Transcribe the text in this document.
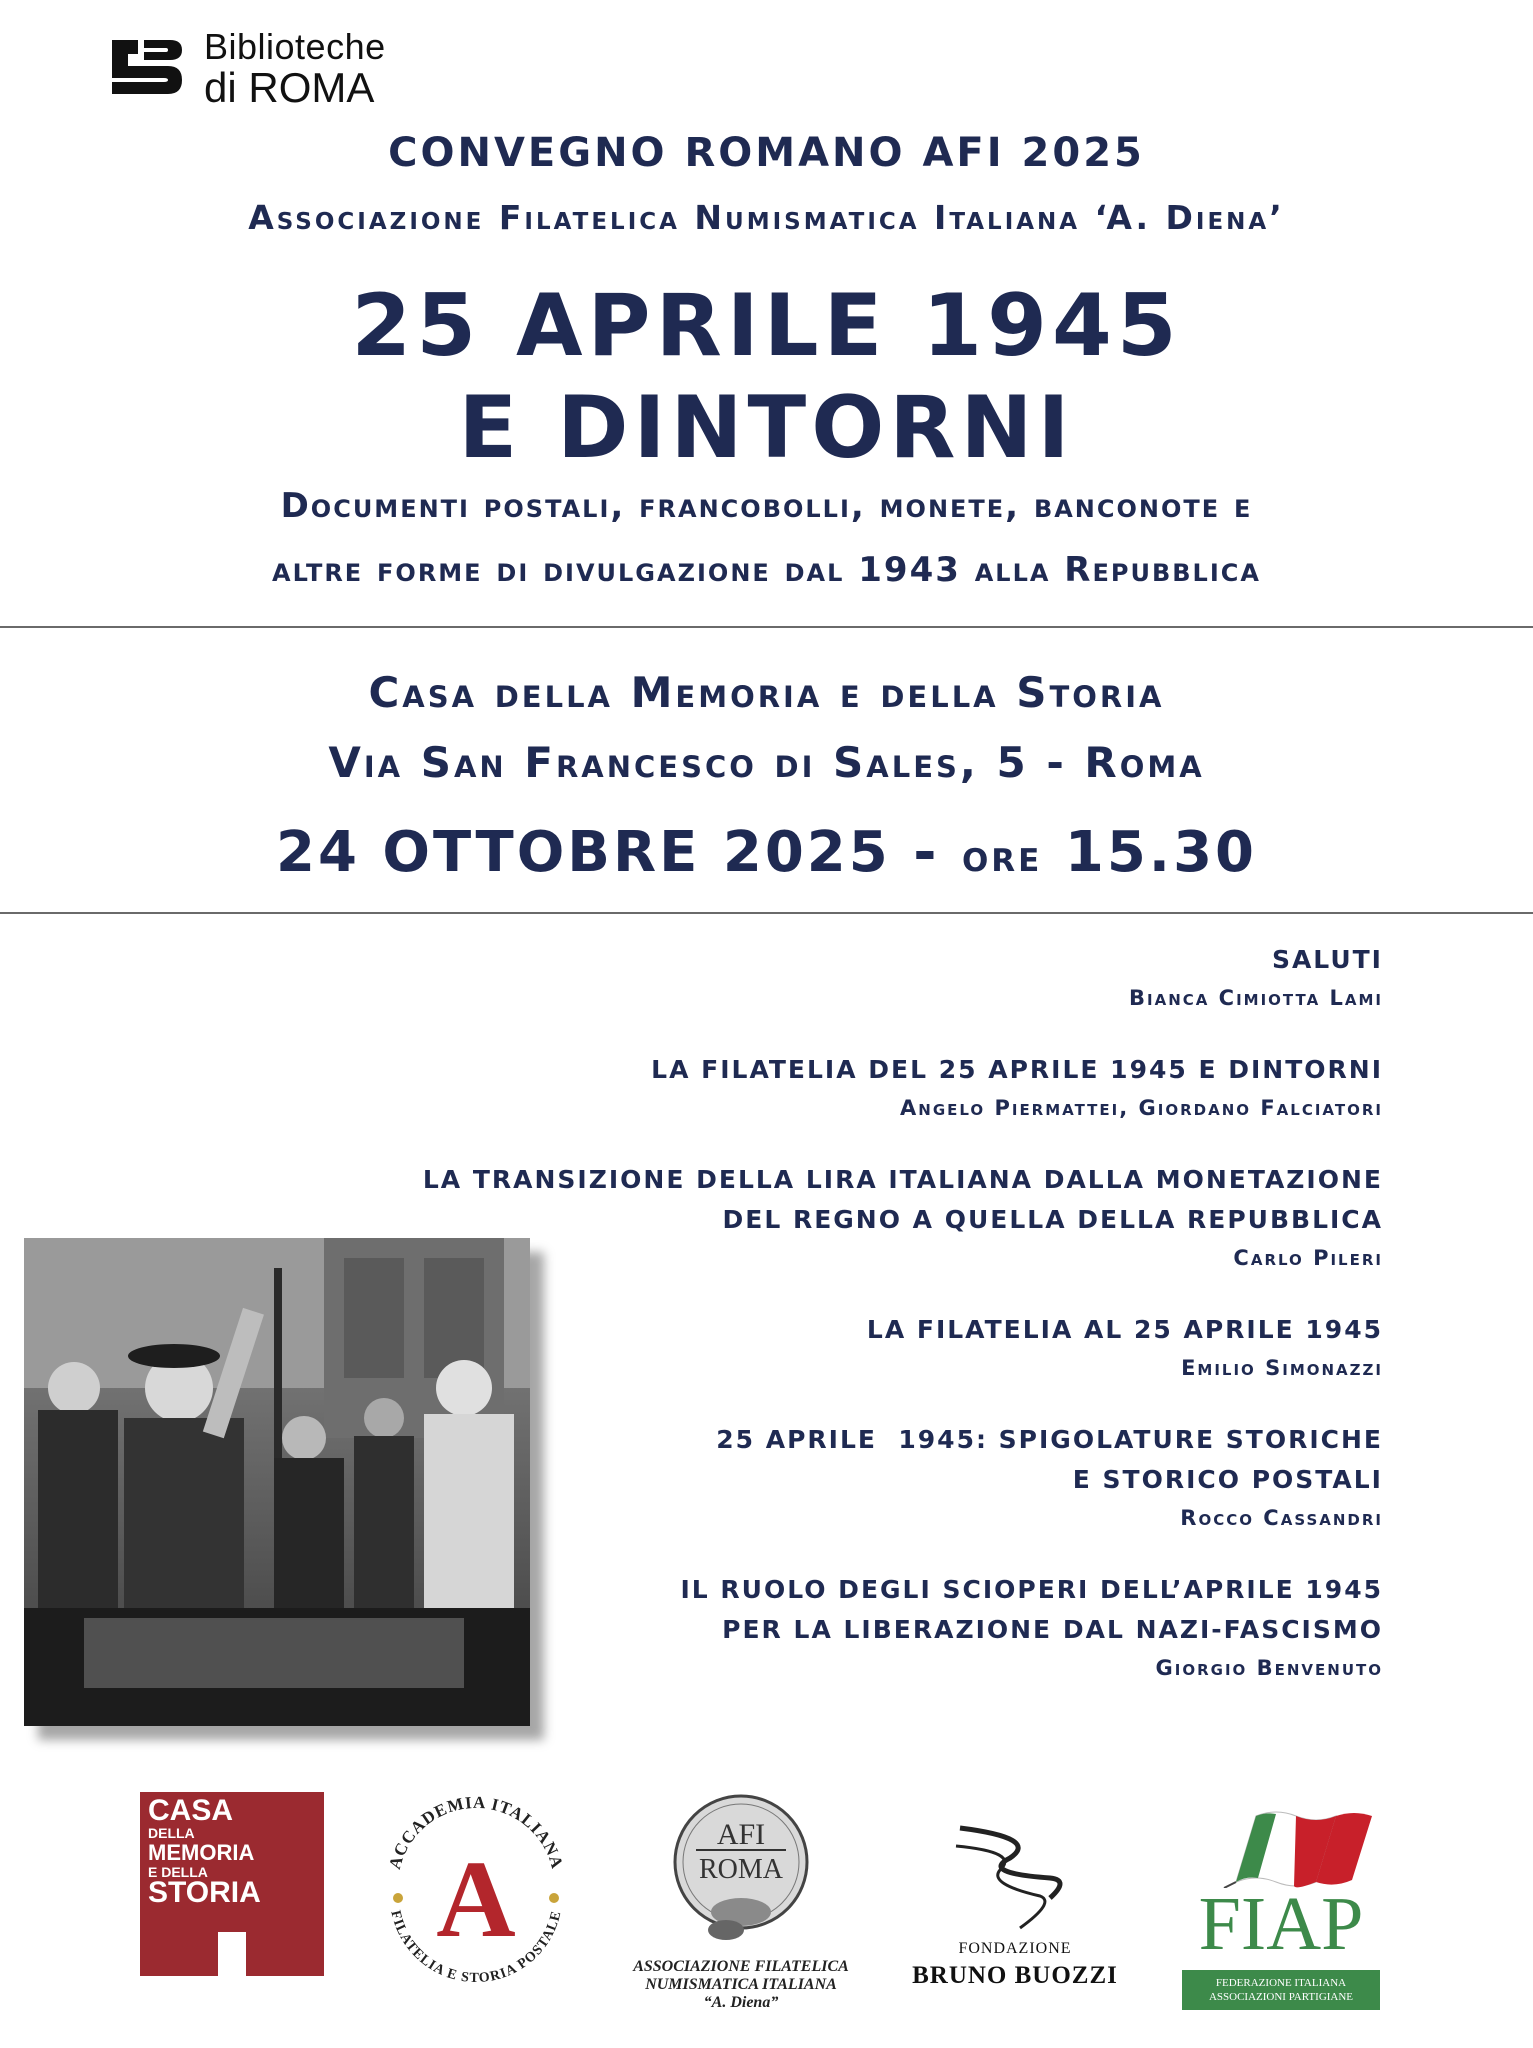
Biblioteche
di ROMA
CONVEGNO ROMANO AFI 2025
Associazione Filatelica Numismatica Italiana ‘A. Diena’
25 APRILE 1945
E DINTORNI
Documenti postali, francobolli, monete, banconote e
altre forme di divulgazione dal 1943 alla Repubblica
Casa della Memoria e della Storia
Via San Francesco di Sales, 5 - Roma
24 OTTOBRE 2025 - ore 15.30
SALUTI
Bianca Cimiotta Lami
LA FILATELIA DEL 25 APRILE 1945 E DINTORNI
Angelo Piermattei, Giordano Falciatori
LA TRANSIZIONE DELLA LIRA ITALIANA DALLA MONETAZIONE
DEL REGNO A QUELLA DELLA REPUBBLICA
Carlo Pileri
LA FILATELIA AL 25 APRILE 1945
Emilio Simonazzi
25 APRILE  1945: SPIGOLATURE STORICHE
E STORICO POSTALI
Rocco Cassandri
IL RUOLO DEGLI SCIOPERI DELL’APRILE 1945
PER LA LIBERAZIONE DAL NAZI-FASCISMO
Giorgio Benvenuto
CASA
DELLA
MEMORIA
E DELLA
STORIA
ACCADEMIA ITALIANA
FILATELIA E STORIA POSTALE
A
AFI
ROMA
ASSOCIAZIONE FILATELICA
NUMISMATICA ITALIANA
“A. Diena”
FONDAZIONE
BRUNO BUOZZI
FIAP
FEDERAZIONE ITALIANA
ASSOCIAZIONI PARTIGIANE
